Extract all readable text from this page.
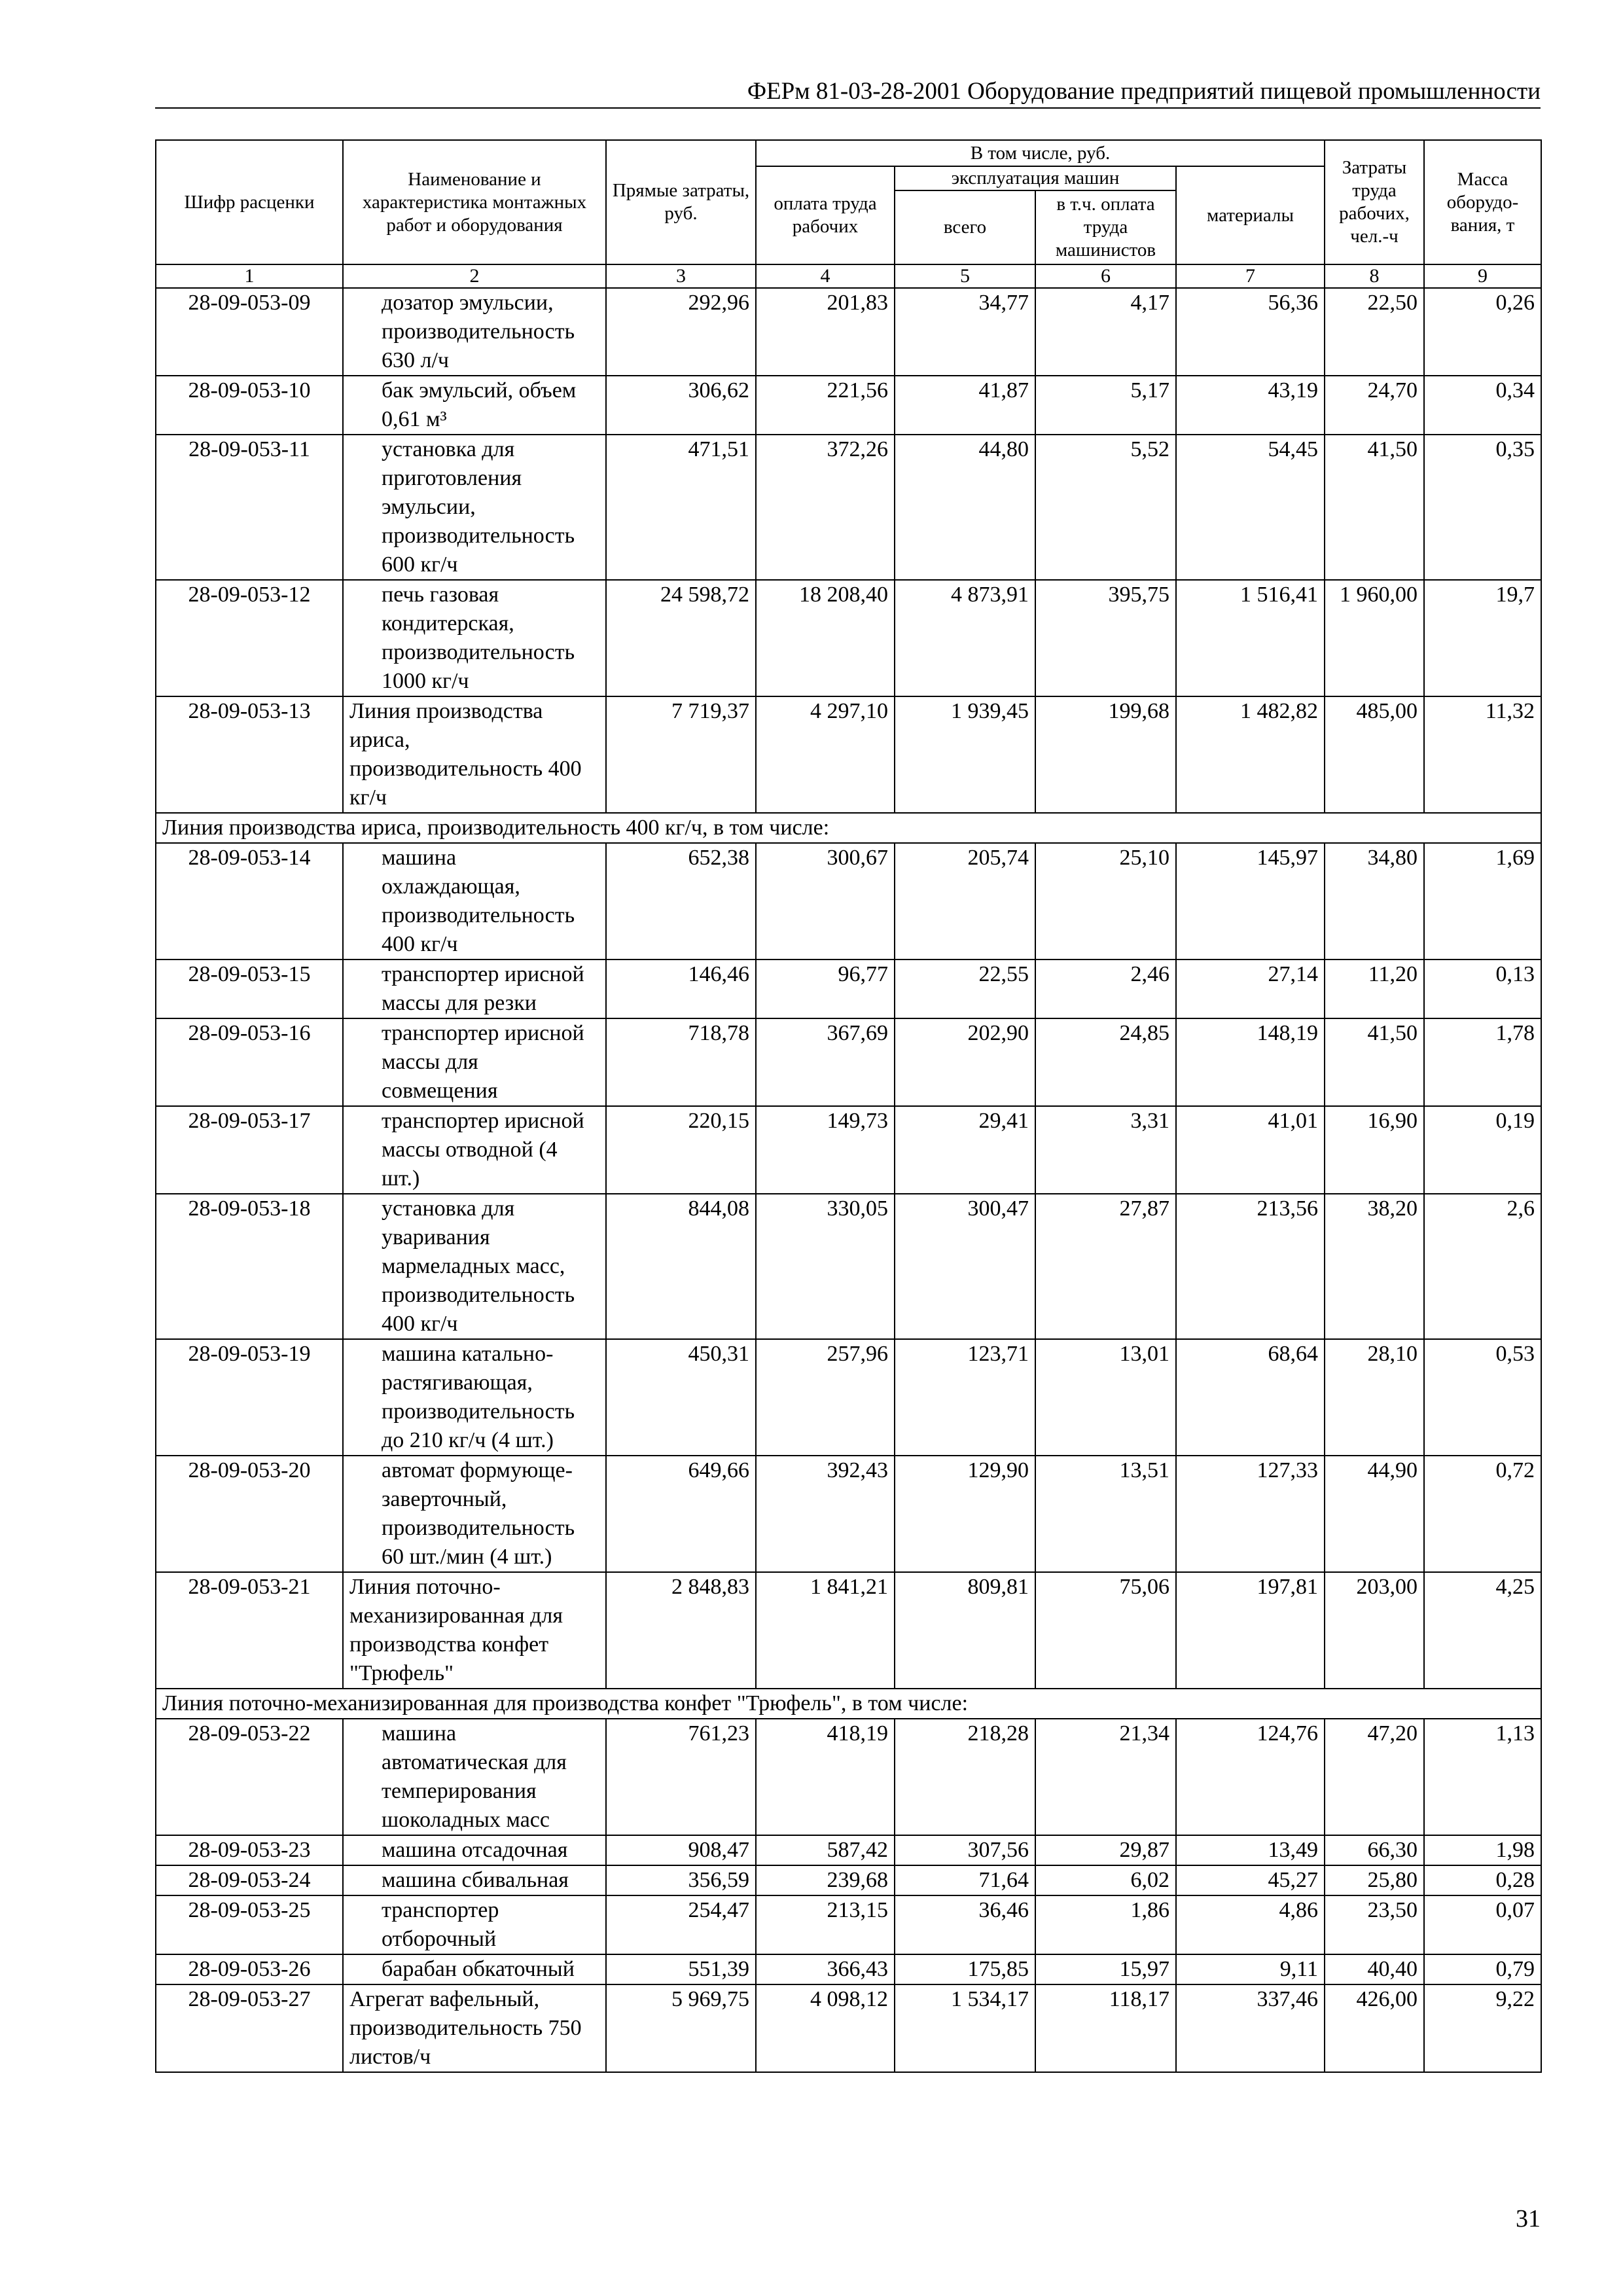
ФЕРм 81-03-28-2001 Оборудование предприятий пищевой промышленности
Шифр расценки	Наименование и характеристика монтажных работ и оборудования	Прямые затраты, руб.	В том числе, руб.				Затраты труда рабочих, чел.-ч	Масса оборудо-вания, т
			оплата труда рабочих	эксплуатация машин		материалы		
				всего	в т.ч. оплата труда машинистов			
1	2	3	4	5	6	7	8	9
28-09-053-09	дозатор эмульсии, производительность 630 л/ч	292,96	201,83	34,77	4,17	56,36	22,50	0,26
28-09-053-10	бак эмульсий, объем 0,61 м³	306,62	221,56	41,87	5,17	43,19	24,70	0,34
28-09-053-11	установка для приготовления эмульсии, производительность 600 кг/ч	471,51	372,26	44,80	5,52	54,45	41,50	0,35
28-09-053-12	печь газовая кондитерская, производительность 1000 кг/ч	24 598,72	18 208,40	4 873,91	395,75	1 516,41	1 960,00	19,7
28-09-053-13	Линия производства ириса, производительность 400 кг/ч	7 719,37	4 297,10	1 939,45	199,68	1 482,82	485,00	11,32
Линия производства ириса, производительность 400 кг/ч, в том числе:								
28-09-053-14	машина охлаждающая, производительность 400 кг/ч	652,38	300,67	205,74	25,10	145,97	34,80	1,69
28-09-053-15	транспортер ирисной массы для резки	146,46	96,77	22,55	2,46	27,14	11,20	0,13
28-09-053-16	транспортер ирисной массы для совмещения	718,78	367,69	202,90	24,85	148,19	41,50	1,78
28-09-053-17	транспортер ирисной массы отводной (4 шт.)	220,15	149,73	29,41	3,31	41,01	16,90	0,19
28-09-053-18	установка для уваривания мармеладных масс, производительность 400 кг/ч	844,08	330,05	300,47	27,87	213,56	38,20	2,6
28-09-053-19	машина катально-растягивающая, производительность до 210 кг/ч (4 шт.)	450,31	257,96	123,71	13,01	68,64	28,10	0,53
28-09-053-20	автомат формующе-заверточный, производительность 60 шт./мин (4 шт.)	649,66	392,43	129,90	13,51	127,33	44,90	0,72
28-09-053-21	Линия поточно-механизированная для производства конфет "Трюфель"	2 848,83	1 841,21	809,81	75,06	197,81	203,00	4,25
Линия поточно-механизированная для производства конфет "Трюфель", в том числе:								
28-09-053-22	машина автоматическая для темперирования шоколадных масс	761,23	418,19	218,28	21,34	124,76	47,20	1,13
28-09-053-23	машина отсадочная	908,47	587,42	307,56	29,87	13,49	66,30	1,98
28-09-053-24	машина сбивальная	356,59	239,68	71,64	6,02	45,27	25,80	0,28
28-09-053-25	транспортер отборочный	254,47	213,15	36,46	1,86	4,86	23,50	0,07
28-09-053-26	барабан обкаточный	551,39	366,43	175,85	15,97	9,11	40,40	0,79
28-09-053-27	Агрегат вафельный, производительность 750 листов/ч	5 969,75	4 098,12	1 534,17	118,17	337,46	426,00	9,22
31
